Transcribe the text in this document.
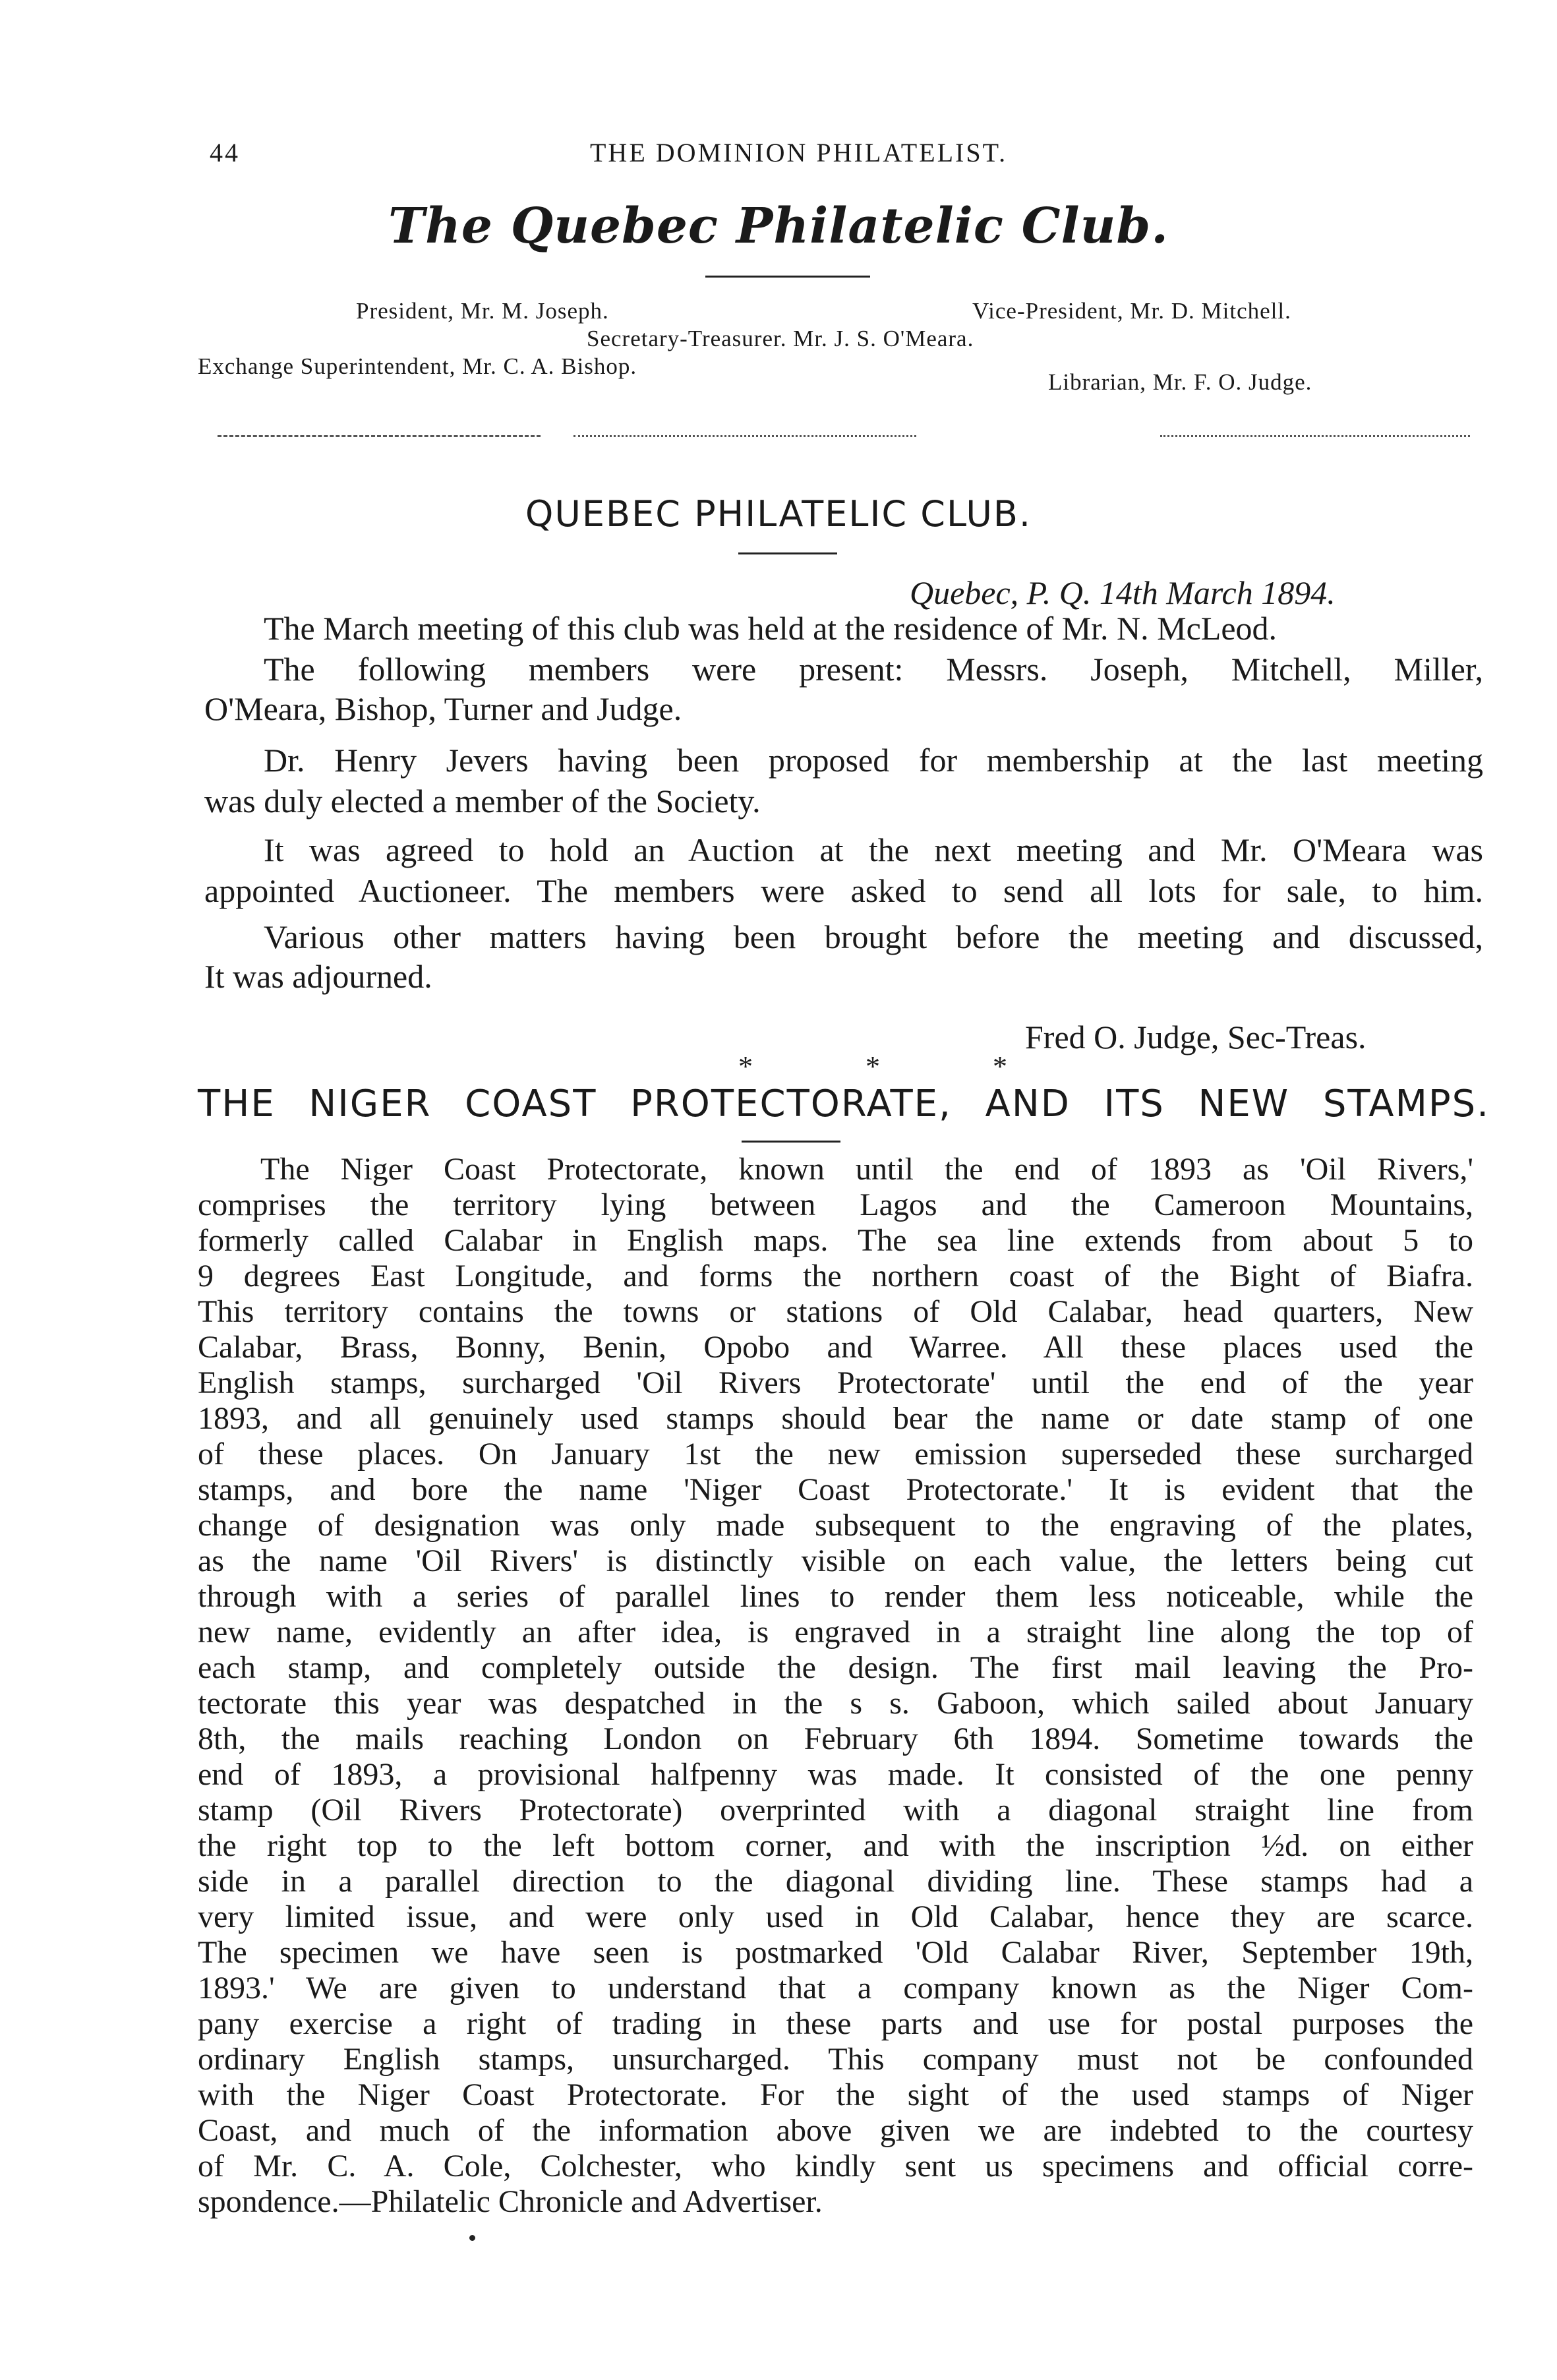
44	THE DOMINION PHILATELIST.
The Quebec Philatelic Club.
President, Mr. M. Joseph.	Vice-President, Mr. D. Mitchell.
Secretary-Treasurer. Mr. J. S. O'Meara.
Exchange Superintendent, Mr. C. A. Bishop.
Librarian, Mr. F. O. Judge.
QUEBEC PHILATELIC CLUB.
Quebec, P. Q. 14th March 1894.
The March meeting of this club was held at the residence of Mr. N. McLeod.
The following members were present: Messrs. Joseph, Mitchell, Miller,
O'Meara, Bishop, Turner and Judge.
Dr. Henry Jevers having been proposed for membership at the last meeting
was duly elected a member of the Society.
It was agreed to hold an Auction at the next meeting and Mr. O'Meara was
appointed Auctioneer. The members were asked to send all lots for sale, to him.
Various other matters having been brought before the meeting and discussed,
It was adjourned.
Fred O. Judge, Sec-Treas.
* * *
THE NIGER COAST PROTECTORATE, AND ITS NEW STAMPS.
The Niger Coast Protectorate, known until the end of 1893 as 'Oil Rivers,'
comprises the territory lying between Lagos and the Cameroon Mountains,
formerly called Calabar in English maps. The sea line extends from about 5 to
9 degrees East Longitude, and forms the northern coast of the Bight of Biafra.
This territory contains the towns or stations of Old Calabar, head quarters, New
Calabar, Brass, Bonny, Benin, Opobo and Warree. All these places used the
English stamps, surcharged 'Oil Rivers Protectorate' until the end of the year
1893, and all genuinely used stamps should bear the name or date stamp of one
of these places. On January 1st the new emission superseded these surcharged
stamps, and bore the name 'Niger Coast Protectorate.' It is evident that the
change of designation was only made subsequent to the engraving of the plates,
as the name 'Oil Rivers' is distinctly visible on each value, the letters being cut
through with a series of parallel lines to render them less noticeable, while the
new name, evidently an after idea, is engraved in a straight line along the top of
each stamp, and completely outside the design. The first mail leaving the Pro-
tectorate this year was despatched in the s s. Gaboon, which sailed about January
8th, the mails reaching London on February 6th 1894. Sometime towards the
end of 1893, a provisional halfpenny was made. It consisted of the one penny
stamp (Oil Rivers Protectorate) overprinted with a diagonal straight line from
the right top to the left bottom corner, and with the inscription ½d. on either
side in a parallel direction to the diagonal dividing line. These stamps had a
very limited issue, and were only used in Old Calabar, hence they are scarce.
The specimen we have seen is postmarked 'Old Calabar River, September 19th,
1893.' We are given to understand that a company known as the Niger Com-
pany exercise a right of trading in these parts and use for postal purposes the
ordinary English stamps, unsurcharged. This company must not be confounded
with the Niger Coast Protectorate. For the sight of the used stamps of Niger
Coast, and much of the information above given we are indebted to the courtesy
of Mr. C. A. Cole, Colchester, who kindly sent us specimens and official corre-
spondence.—Philatelic Chronicle and Advertiser.
